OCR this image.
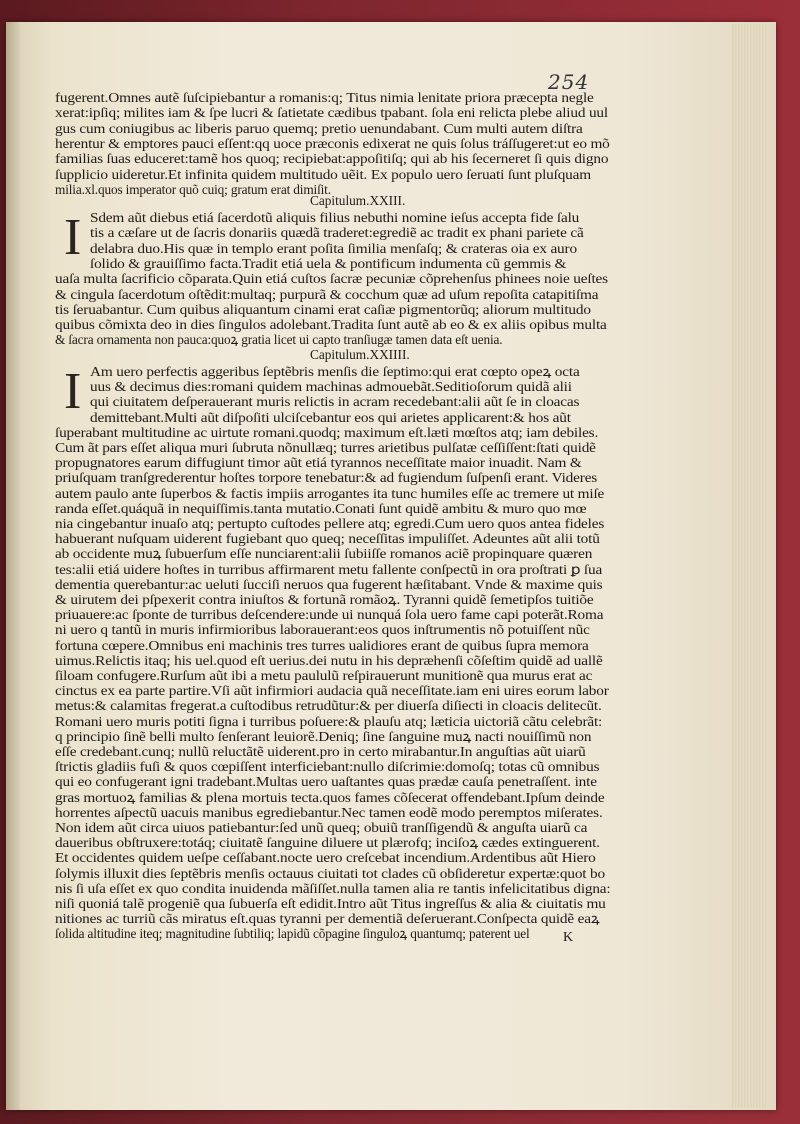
254
fugerent.Omnes autẽ ſuſcipiebantur a romanis:q; Titus nimia lenitate priora præcepta negle
xerat:ipſiq; milites iam & ſpe lucri & ſatietate cædibus tpabant. ſola eni relicta plebe aliud uul
gus cum coniugibus ac liberis paruo quemq; pretio uenundabant. Cum multi autem diſtra
herentur & emptores pauci eſſent:qq uoce præconis edixerat ne quis ſolus tráſſugeret:ut eo mõ
familias ſuas educeret:tamẽ hos quoq; recipiebat:appoſitiſq; qui ab his ſecerneret ſi quis digno
ſupplicio uideretur.Et infinita quidem multitudo uẽit. Ex populo uero ſeruati ſunt pluſquam
milia.xl.quos imperator quõ cuiq; gratum erat dimiſit.
Capitulum.XXIII.
I Sdem aũt diebus etiá ſacerdotũ aliquis filius nebuthi nomine ieſus accepta fide ſalu
tis a cæſare ut de ſacris donariis quædã traderet:egrediẽ ac tradit ex phani pariete cã
delabra duo.His quæ in templo erant poſita ſimilia menſaſq; & crateras oia ex auro
ſolido & grauiſſimo facta.Tradit etiá uela & pontificum indumenta cũ gemmis &
uaſa multa ſacrificio cõparata.Quin etiá cuſtos ſacræ pecuniæ cõprehenſus phinees noie ueſtes
& cingula ſacerdotum oſtẽdit:multaq; purpurã & cocchum quæ ad uſum repoſita catapitiſma
tis ſeruabantur. Cum quibus aliquantum cinami erat caſiæ pigmentorũq; aliorum multitudo
quibus cõmixta deo in dies ſingulos adolebant.Tradita ſunt autẽ ab eo & ex aliis opibus multa
& ſacra ornamenta non pauca:quoꝝ gratia licet ui capto tranſiugæ tamen data eſt uenia.
Capitulum.XXIIII.
I Am uero perfectis aggeribus ſeptẽbris menſis die ſeptimo:qui erat cœpto opeꝝ octa
uus & decimus dies:romani quidem machinas admouebãt.Seditioſorum quidã alii
qui ciuitatem deſperauerant muris relictis in acram recedebant:alii aũt ſe in cloacas
demittebant.Multi aũt diſpoſiti ulciſcebantur eos qui arietes applicarent:& hos aũt
ſuperabant multitudine ac uirtute romani.quodq; maximum eſt.læti mœſtos atq; iam debiles.
Cum ãt pars eſſet aliqua muri ſubruta nõnullæq; turres arietibus pulſatæ ceſſiſſent:ſtati quidẽ
propugnatores earum diffugiunt timor aũt etiá tyrannos neceſſitate maior inuadit. Nam &
priuſquam tranſgrederentur hoſtes torpore tenebatur:& ad fugiendum ſuſpenſi erant. Videres
autem paulo ante ſuperbos & factis impiis arrogantes ita tunc humiles eſſe ac tremere ut miſe
randa eſſet.quáquã in nequiſſimis.tanta mutatio.Conati ſunt quidẽ ambitu & muro quo mœ
nia cingebantur inuaſo atq; pertupto cuſtodes pellere atq; egredi.Cum uero quos antea fideles
habuerant nuſquam uiderent fugiebant quo queq; neceſſitas impuliſſet. Adeuntes aũt alii totũ
ab occidente muꝝ ſubuerſum eſſe nunciarent:alii ſubiiſſe romanos aciẽ propinquare quæren
tes:alii etiá uidere hoſtes in turribus affirmarent metu fallente conſpectũ in ora proſtrati ꝑ ſua
dementia querebantur:ac ueluti ſucciſi neruos qua fugerent hæſitabant. Vnde & maxime quis
& uirutem dei pſpexerit contra iniuſtos & fortunã romãoꝝ. Tyranni quidẽ ſemetipſos tuitiõe
priuauere:ac ſponte de turribus deſcendere:unde ui nunquá ſola uero fame capi poterãt.Roma
ni uero q tantũ in muris infirmioribus laborauerant:eos quos inſtrumentis nõ potuiſſent nũc
fortuna cœpere.Omnibus eni machinis tres turres ualidiores erant de quibus ſupra memora
uimus.Relictis itaq; his uel.quod eſt uerius.dei nutu in his depræhenſi cõſeſtim quidẽ ad uallẽ
ſiloam confugere.Rurſum aũt ibi a metu paululũ reſpirauerunt munitionẽ qua murus erat ac
cinctus ex ea parte partire.Vſi aũt infirmiori audacia quã neceſſitate.iam eni uires eorum labor
metus:& calamitas fregerat.a cuſtodibus retrudũtur:& per diuerſa diſiecti in cloacis delitecũt.
Romani uero muris potiti ſigna i turribus poſuere:& plauſu atq; læticia uictoriã cãtu celebrãt:
q principio ſinẽ belli multo ſenſerant leuiorẽ.Deniq; ſine ſanguine muꝝ nacti nouiſſimũ non
eſſe credebant.cunq; nullũ reluctãtẽ uiderent.pro in certo mirabantur.In anguſtias aũt uiarũ
ſtrictis gladiis fuſi & quos cœpiſſent interficiebant:nullo diſcrimie:domoſq; totas cũ omnibus
qui eo confugerant igni tradebant.Multas uero uaſtantes quas prædæ cauſa penetraſſent. inte
gras mortuoꝝ familias & plena mortuis tecta.quos fames cõſecerat offendebant.Ipſum deinde
horrentes aſpectũ uacuis manibus egrediebantur.Nec tamen eodẽ modo peremptos miſerates.
Non idem aũt circa uiuos patiebantur:ſed unũ queq; obuiũ tranſſigendũ & anguſta uiarũ ca
daueribus obſtruxere:totáq; ciuitatẽ ſanguine diluere ut plærofq; inciſoꝝ cædes extinguerent.
Et occidentes quidem ueſpe ceſſabant.nocte uero creſcebat incendium.Ardentibus aũt Hiero
ſolymis illuxit dies ſeptẽbris menſis octauus ciuitati tot clades cũ obſideretur expertæ:quot bo
nis ſi uſa eſſet ex quo condita inuidenda mãſiſſet.nulla tamen alia re tantis infelicitatibus digna:
niſi quoniá talẽ progeniẽ qua ſubuerſa eſt edidit.Intro aũt Titus ingreſſus & alia & ciuitatis mu
nitiones ac turriũ cãs miratus eſt.quas tyranni per dementiã deſeruerant.Conſpecta quidẽ eaꝝ
ſolida altitudine iteq; magnitudine ſubtiliq; lapidũ cõpagine ſinguloꝝ quantumq; paterent uel K
